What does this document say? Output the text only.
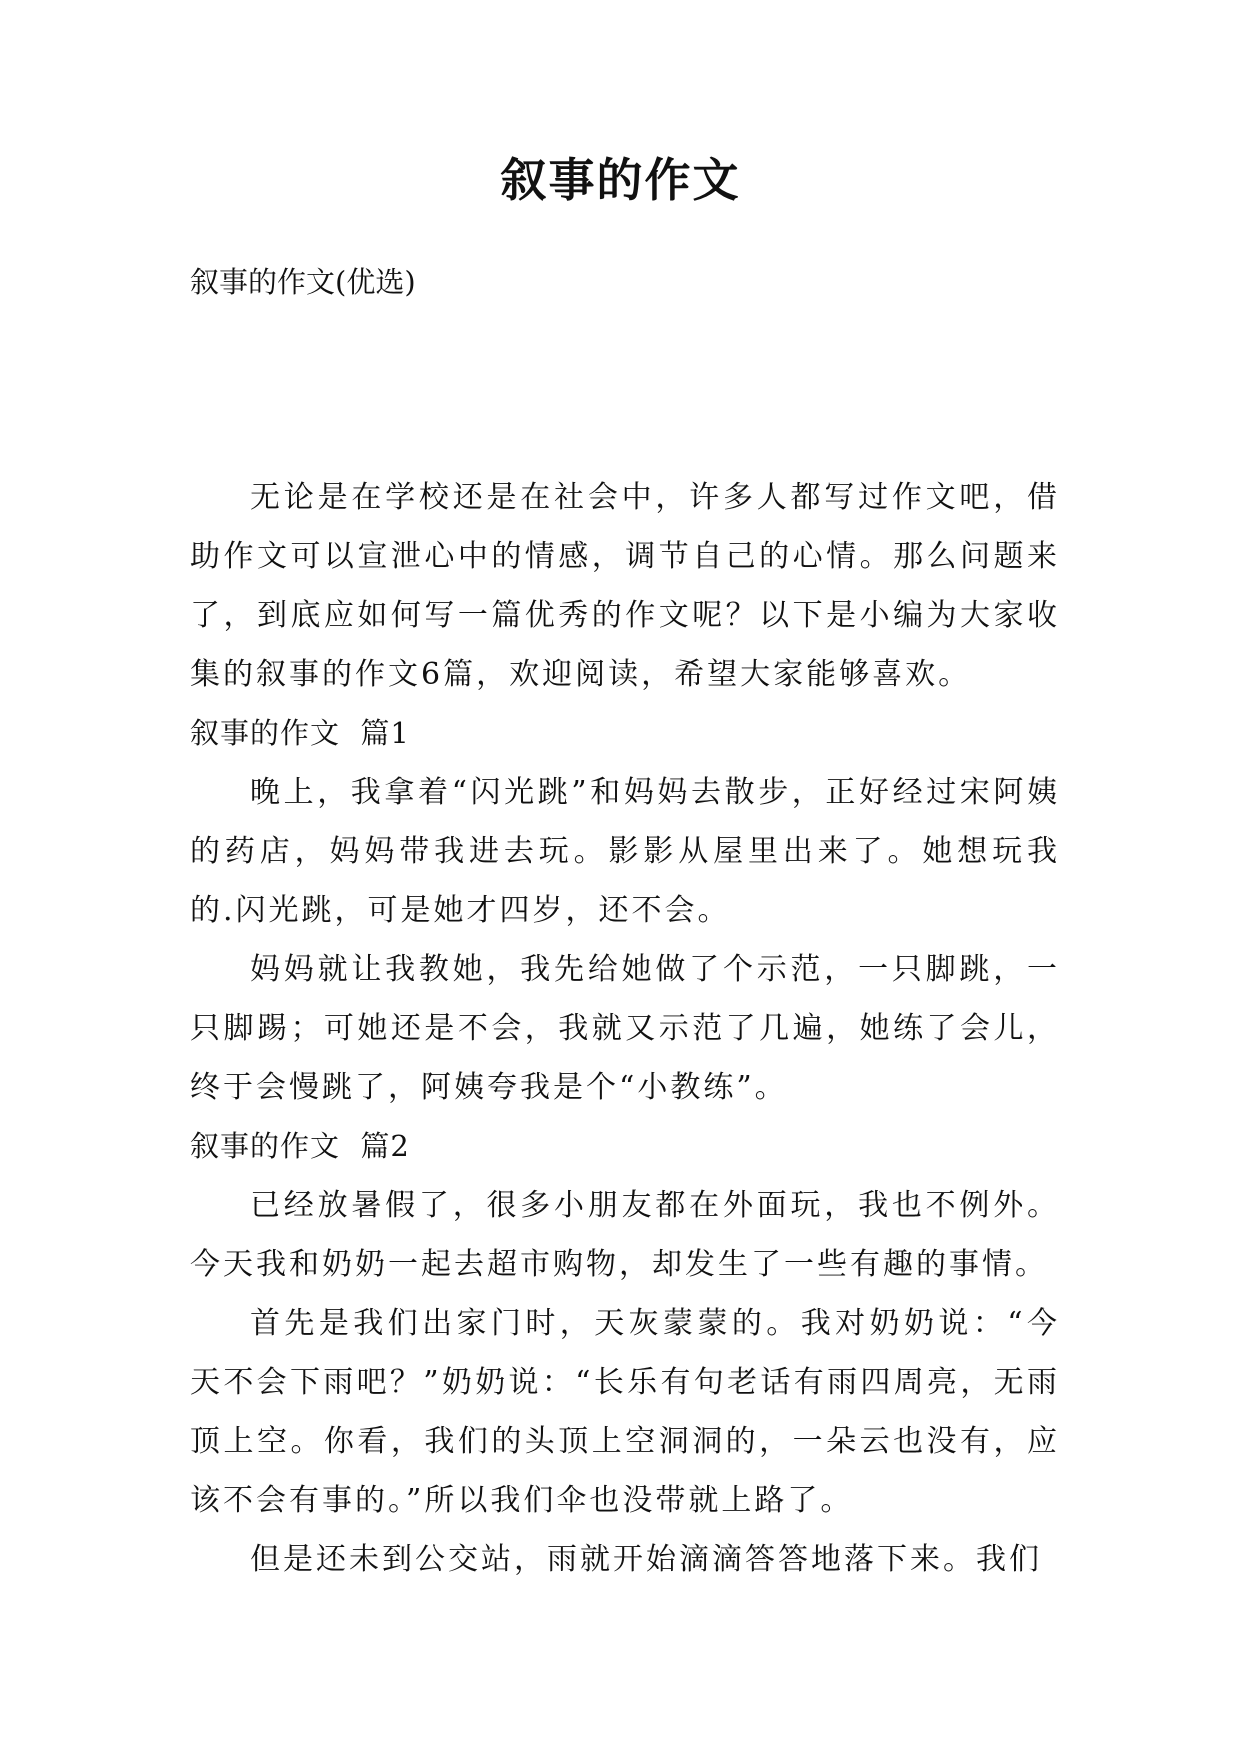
叙事的作文
叙事的作文(优选)

无论是在学校还是在社会中，许多人都写过作文吧，借助作文可以宣泄心中的情感，调节自己的心情。那么问题来了，到底应如何写一篇优秀的作文呢？以下是小编为大家收集的叙事的作文6篇，欢迎阅读，希望大家能够喜欢。

叙事的作文  篇1

晚上，我拿着“闪光跳”和妈妈去散步，正好经过宋阿姨的药店，妈妈带我进去玩。影影从屋里出来了。她想玩我的.闪光跳，可是她才四岁，还不会。

妈妈就让我教她，我先给她做了个示范，一只脚跳，一只脚踢；可她还是不会，我就又示范了几遍，她练了会儿，终于会慢跳了，阿姨夸我是个“小教练”。

叙事的作文  篇2

已经放暑假了，很多小朋友都在外面玩，我也不例外。今天我和奶奶一起去超市购物，却发生了一些有趣的事情。

首先是我们出家门时，天灰蒙蒙的。我对奶奶说：“今天不会下雨吧？”奶奶说：“长乐有句老话有雨四周亮，无雨顶上空。你看，我们的头顶上空洞洞的，一朵云也没有，应该不会有事的。”所以我们伞也没带就上路了。

但是还未到公交站，雨就开始滴滴答答地落下来。我们
